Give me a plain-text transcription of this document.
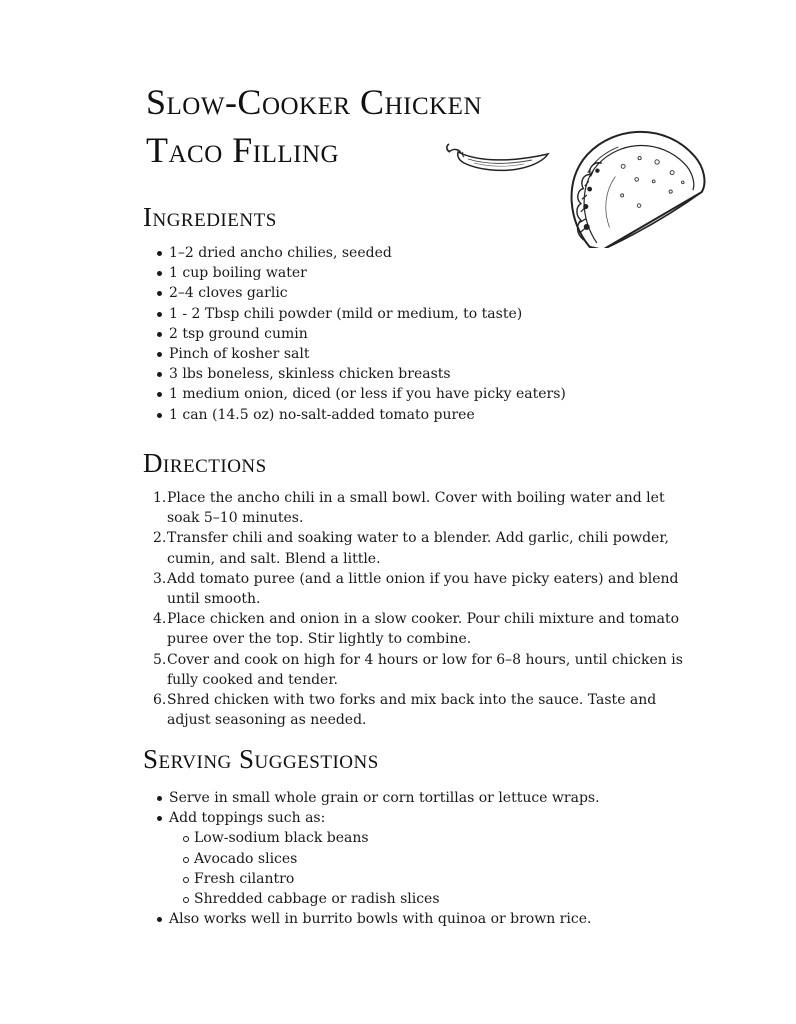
Slow-Cooker Chicken
Taco Filling
Ingredients
1–2 dried ancho chilies, seeded
1 cup boiling water
2–4 cloves garlic
1 - 2 Tbsp chili powder (mild or medium, to taste)
2 tsp ground cumin
Pinch of kosher salt
3 lbs boneless, skinless chicken breasts
1 medium onion, diced (or less if you have picky eaters)
1 can (14.5 oz) no-salt-added tomato puree
Directions
1. Place the ancho chili in a small bowl. Cover with boiling water and let soak 5–10 minutes.
2. Transfer chili and soaking water to a blender. Add garlic, chili powder, cumin, and salt. Blend a little.
3. Add tomato puree (and a little onion if you have picky eaters) and blend until smooth.
4. Place chicken and onion in a slow cooker. Pour chili mixture and tomato puree over the top. Stir lightly to combine.
5. Cover and cook on high for 4 hours or low for 6–8 hours, until chicken is fully cooked and tender.
6. Shred chicken with two forks and mix back into the sauce. Taste and adjust seasoning as needed.
Serving Suggestions
Serve in small whole grain or corn tortillas or lettuce wraps.
Add toppings such as:
Low-sodium black beans
Avocado slices
Fresh cilantro
Shredded cabbage or radish slices
Also works well in burrito bowls with quinoa or brown rice.
